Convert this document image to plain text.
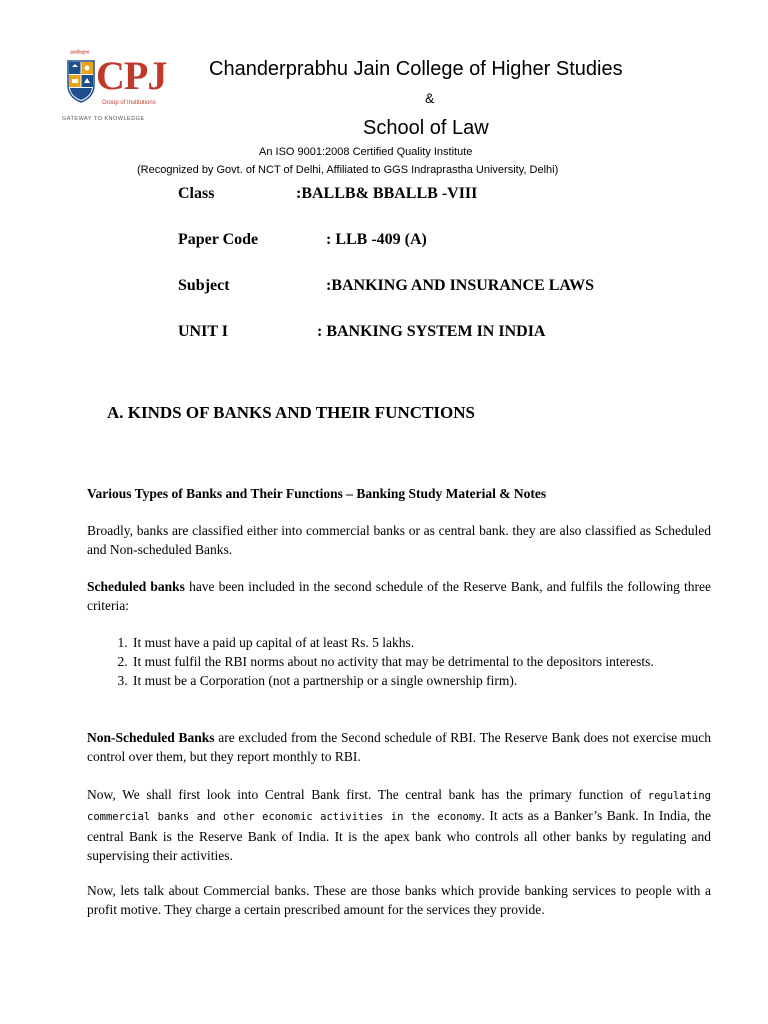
ऊपरिग्रहण CPJ
Group of Institutions
GATEWAY TO KNOWLEDGE
Chanderprabhu Jain College of Higher Studies
&
School of Law
An ISO 9001:2008 Certified Quality Institute
(Recognized by Govt. of NCT of Delhi, Affiliated to GGS Indraprastha University, Delhi)
Class	:BALLB& BBALLB -VIII
Paper Code	: LLB -409 (A)
Subject	:BANKING AND INSURANCE LAWS
UNIT I	: BANKING SYSTEM IN INDIA
A. KINDS OF BANKS AND THEIR FUNCTIONS
Various Types of Banks and Their Functions – Banking Study Material & Notes
Broadly, banks are classified either into commercial banks or as central bank. they are also classified as Scheduled and Non-scheduled Banks.
Scheduled banks have been included in the second schedule of the Reserve Bank, and fulfils the following three criteria:
1. It must have a paid up capital of at least Rs. 5 lakhs.
2. It must fulfil the RBI norms about no activity that may be detrimental to the depositors interests.
3. It must be a Corporation (not a partnership or a single ownership firm).
Non-Scheduled Banks are excluded from the Second schedule of RBI. The Reserve Bank does not exercise much control over them, but they report monthly to RBI.
Now, We shall first look into Central Bank first. The central bank has the primary function of regulating commercial banks and other economic activities in the economy. It acts as a Banker’s Bank. In India, the central Bank is the Reserve Bank of India. It is the apex bank who controls all other banks by regulating and supervising their activities.
Now, lets talk about Commercial banks. These are those banks which provide banking services to people with a profit motive. They charge a certain prescribed amount for the services they provide.
